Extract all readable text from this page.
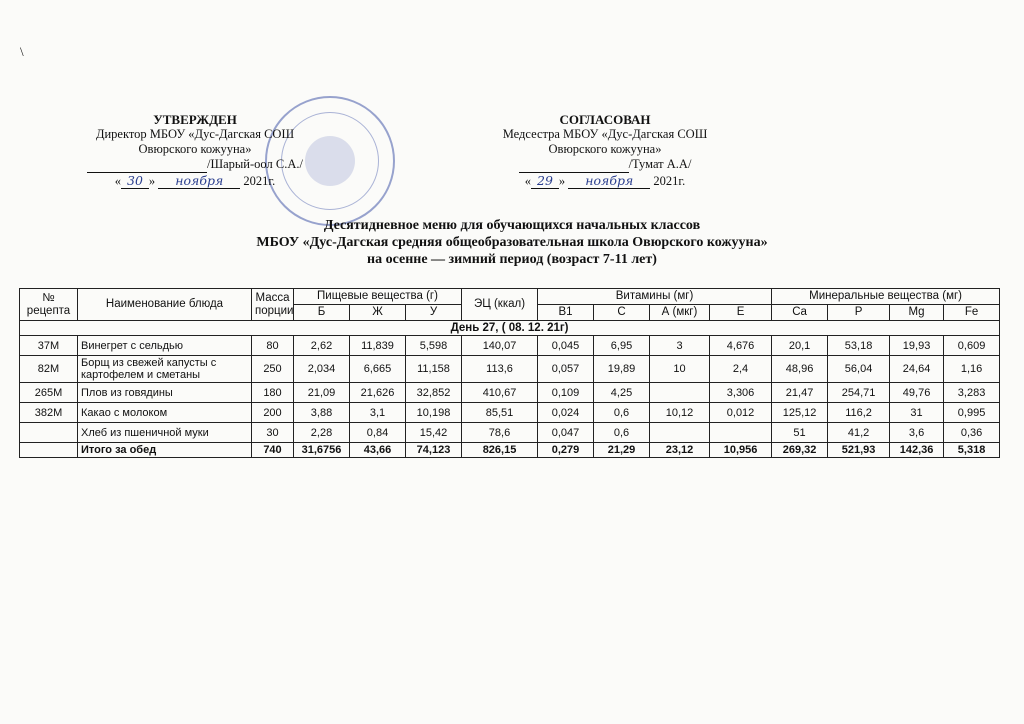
\
УТВЕРЖДЕН
Директор МБОУ «Дус-Дагская СОШ
Овюрского кожууна»
/Шарый-оол С.А./
« 30 » ноября 2021г.
СОГЛАСОВАН
Медсестра МБОУ «Дус-Дагская СОШ
Овюрского кожууна»
/Тумат А.А/
« 29 » ноября 2021г.
Десятидневное меню для обучающихся начальных классов
МБОУ «Дус-Дагская средняя общеобразовательная школа Овюрского кожууна»
на осенне — зимний период (возраст 7-11 лет)
№ рецепта	Наименование блюда	Масса порции	Пищевые вещества (г)			ЭЦ (ккал)	Витамины (мг)				Минеральные вещества (мг)			
			Б	Ж	У		В1	С	А (мкг)	Е	Ca	P	Mg	Fe
День 27, ( 08. 12. 21г)														
37М	Винегрет с сельдью	80	2,62	11,839	5,598	140,07	0,045	6,95	3	4,676	20,1	53,18	19,93	0,609
82М	Борщ из свежей капусты с картофелем и сметаны	250	2,034	6,665	11,158	113,6	0,057	19,89	10	2,4	48,96	56,04	24,64	1,16
265М	Плов из говядины	180	21,09	21,626	32,852	410,67	0,109	4,25		3,306	21,47	254,71	49,76	3,283
382М	Какао с молоком	200	3,88	3,1	10,198	85,51	0,024	0,6	10,12	0,012	125,12	116,2	31	0,995
	Хлеб из пшеничной муки	30	2,28	0,84	15,42	78,6	0,047	0,6			51	41,2	3,6	0,36
	Итого за обед	740	31,6756	43,66	74,123	826,15	0,279	21,29	23,12	10,956	269,32	521,93	142,36	5,318
